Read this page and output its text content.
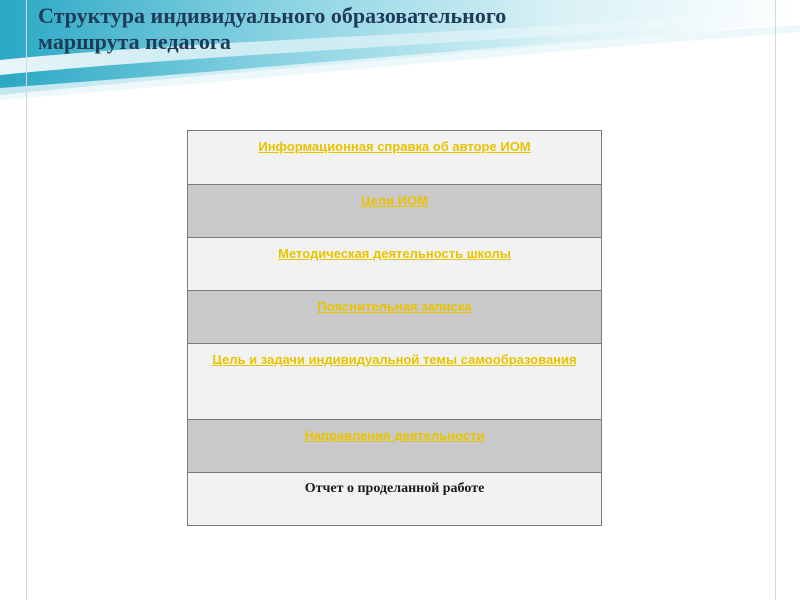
Структура индивидуального образовательного
маршрута педагога
Информационная справка об авторе ИОМ
Цели ИОМ
Методическая деятельность школы
Пояснительная записка
Цель и задачи индивидуальной темы самообразования
Направления деятельности
Отчет о проделанной работе
